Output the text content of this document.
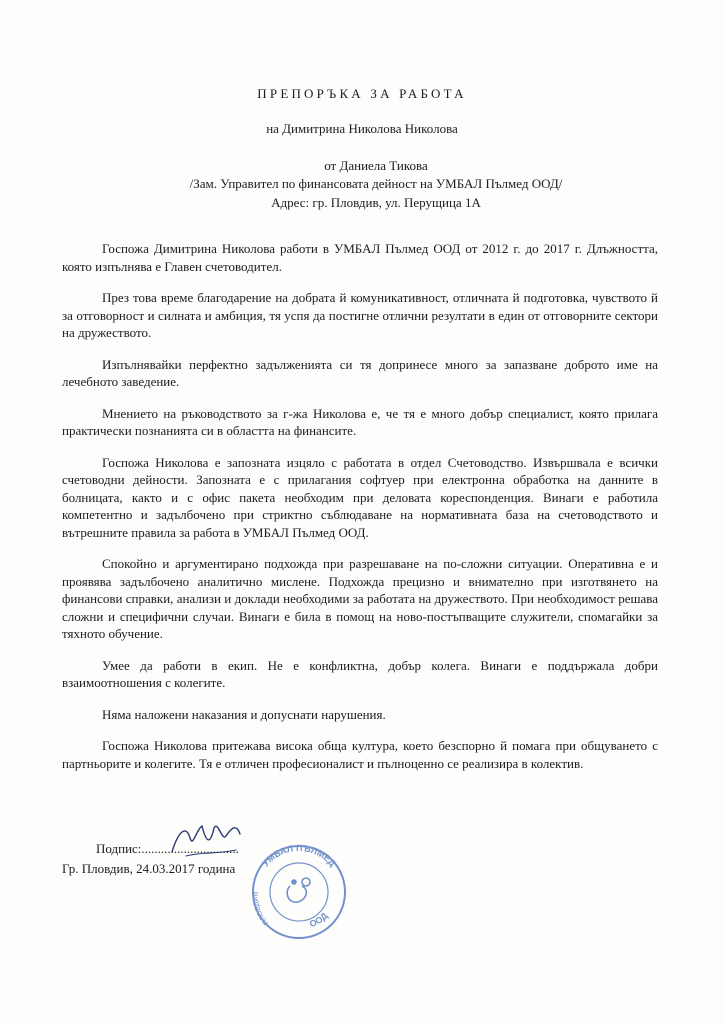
ПРЕПОРЪКА ЗА РАБОТА
на Димитрина Николова Николова
от Даниела Тикова
/Зам. Управител по финансовата дейност на УМБАЛ Пълмед ООД/
Адрес: гр. Пловдив, ул. Перущица 1А

Госпожа Димитрина Николова работи в УМБАЛ Пълмед ООД от 2012 г. до 2017 г. Длъжността, която изпълнява е Главен счетоводител.

През това време благодарение на добрата й комуникативност, отличната й подготовка, чувството й за отговорност и силната и амбиция, тя успя да постигне отлични резултати в един от отговорните сектори на дружеството.

Изпълнявайки перфектно задълженията си тя допринесе много за запазване доброто име на лечебното заведение.

Мнението на ръководството за г-жа Николова е, че тя е много добър специалист, която прилага практически познанията си в областта на финансите.

Госпожа Николова е запозната изцяло с работата в отдел Счетоводство. Извършвала е всички счетоводни дейности. Запозната е с прилагания софтуер при електронна обработка на данните в болницата, както и с офис пакета необходим при деловата кореспонденция. Винаги е работила компетентно и задълбочено при стриктно съблюдаване на нормативната база на счетоводството и вътрешните правила за работа в УМБАЛ Пълмед ООД.

Спокойно и аргументирано подхожда при разрешаване на по-сложни ситуации. Оперативна е и проявява задълбочено аналитично мислене. Подхожда прецизно и внимателно при изготвянето на финансови справки, анализи и доклади необходими за работата на дружеството. При необходимост решава сложни и специфични случаи. Винаги е била в помощ на ново-постъпващите служители, спомагайки за тяхното обучение.

Умее да работи в екип. Не е конфликтна, добър колега. Винаги е поддържала добри взаимоотношения с колегите.

Няма наложени наказания и допуснати нарушения.

Госпожа Николова притежава висока обща култура, което безспорно й помага при общуването с партньорите и колегите. Тя е отличен професионалист и пълноценно се реализира в колектив.

Подпис:..............................
Гр. Пловдив, 24.03.2017 година	УМБАЛ ПЪЛМЕД
ООД
ПЛОВДИВ
